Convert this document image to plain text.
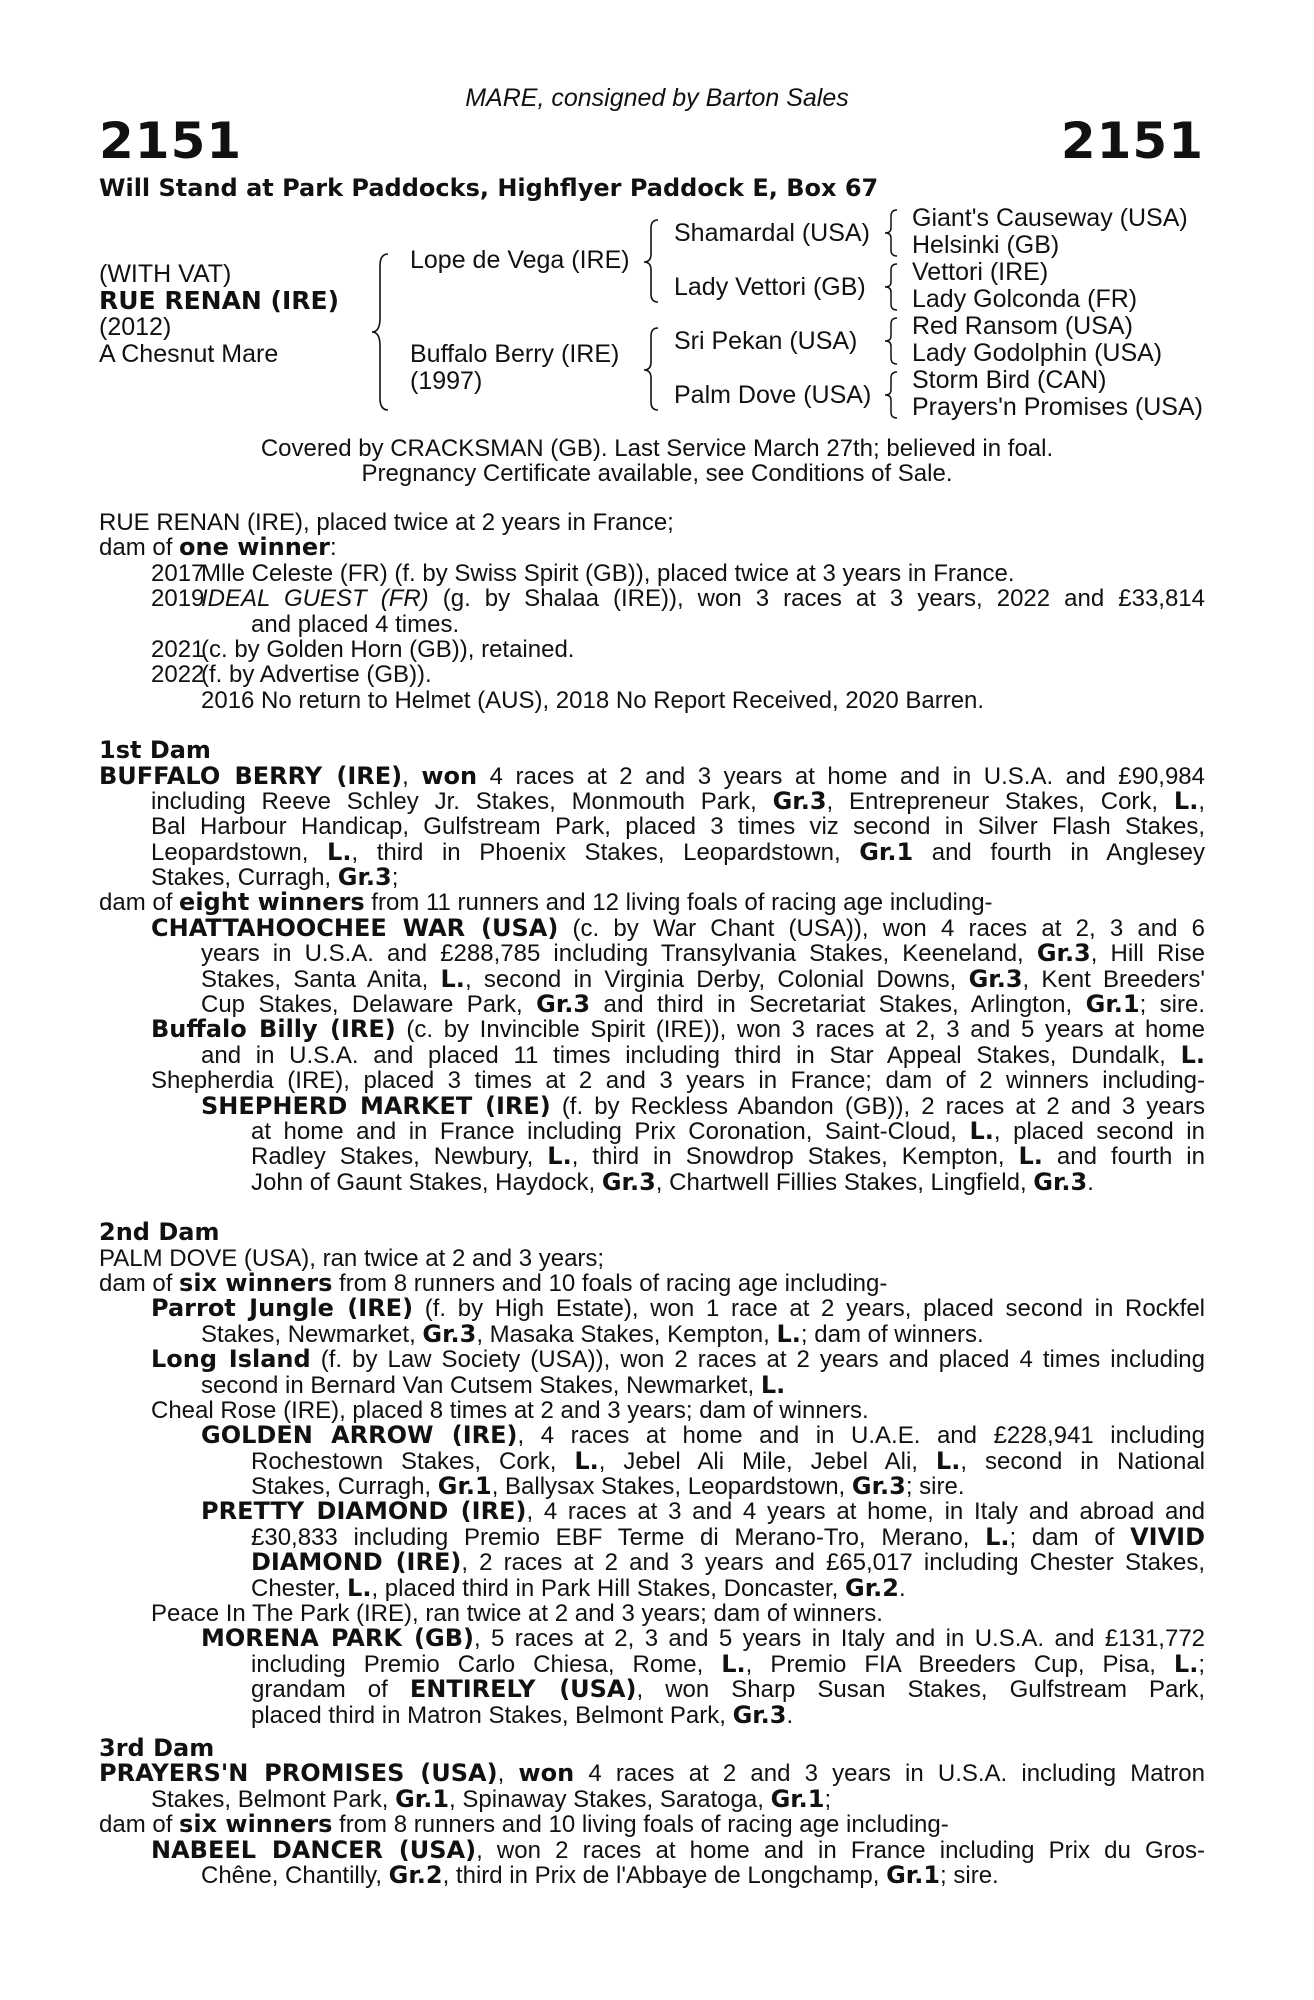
MARE, consigned by Barton Sales
2151	2151
Will Stand at Park Paddocks, Highflyer Paddock E, Box 67
(WITH VAT)
RUE RENAN (IRE)
(2012)
A Chesnut Mare
Lope de Vega (IRE)
Buffalo Berry (IRE)
(1997)
Shamardal (USA)
Lady Vettori (GB)
Sri Pekan (USA)
Palm Dove (USA)
Giant's Causeway (USA)
Helsinki (GB)
Vettori (IRE)
Lady Golconda (FR)
Red Ransom (USA)
Lady Godolphin (USA)
Storm Bird (CAN)
Prayers'n Promises (USA)
Covered by CRACKSMAN (GB). Last Service March 27th; believed in foal.
Pregnancy Certificate available, see Conditions of Sale.
RUE RENAN (IRE), placed twice at 2 years in France;
dam of one winner:
2017
Mlle Celeste (FR) (f. by Swiss Spirit (GB)), placed twice at 3 years in France.
2019
IDEAL GUEST (FR) (g. by Shalaa (IRE)), won 3 races at 3 years, 2022 and £33,814
and placed 4 times.
2021
(c. by Golden Horn (GB)), retained.
2022
(f. by Advertise (GB)).
2016 No return to Helmet (AUS), 2018 No Report Received, 2020 Barren.
1st Dam
BUFFALO BERRY (IRE), won 4 races at 2 and 3 years at home and in U.S.A. and £90,984
including Reeve Schley Jr. Stakes, Monmouth Park, Gr.3, Entrepreneur Stakes, Cork, L.,
Bal Harbour Handicap, Gulfstream Park, placed 3 times viz second in Silver Flash Stakes,
Leopardstown, L., third in Phoenix Stakes, Leopardstown, Gr.1 and fourth in Anglesey
Stakes, Curragh, Gr.3;
dam of eight winners from 11 runners and 12 living foals of racing age including-
CHATTAHOOCHEE WAR (USA) (c. by War Chant (USA)), won 4 races at 2, 3 and 6
years in U.S.A. and £288,785 including Transylvania Stakes, Keeneland, Gr.3, Hill Rise
Stakes, Santa Anita, L., second in Virginia Derby, Colonial Downs, Gr.3, Kent Breeders'
Cup Stakes, Delaware Park, Gr.3 and third in Secretariat Stakes, Arlington, Gr.1; sire.
Buffalo Billy (IRE) (c. by Invincible Spirit (IRE)), won 3 races at 2, 3 and 5 years at home
and in U.S.A. and placed 11 times including third in Star Appeal Stakes, Dundalk, L.
Shepherdia (IRE), placed 3 times at 2 and 3 years in France; dam of 2 winners including-
SHEPHERD MARKET (IRE) (f. by Reckless Abandon (GB)), 2 races at 2 and 3 years
at home and in France including Prix Coronation, Saint-Cloud, L., placed second in
Radley Stakes, Newbury, L., third in Snowdrop Stakes, Kempton, L. and fourth in
John of Gaunt Stakes, Haydock, Gr.3, Chartwell Fillies Stakes, Lingfield, Gr.3.
2nd Dam
PALM DOVE (USA), ran twice at 2 and 3 years;
dam of six winners from 8 runners and 10 foals of racing age including-
Parrot Jungle (IRE) (f. by High Estate), won 1 race at 2 years, placed second in Rockfel
Stakes, Newmarket, Gr.3, Masaka Stakes, Kempton, L.; dam of winners.
Long Island (f. by Law Society (USA)), won 2 races at 2 years and placed 4 times including
second in Bernard Van Cutsem Stakes, Newmarket, L.
Cheal Rose (IRE), placed 8 times at 2 and 3 years; dam of winners.
GOLDEN ARROW (IRE), 4 races at home and in U.A.E. and £228,941 including
Rochestown Stakes, Cork, L., Jebel Ali Mile, Jebel Ali, L., second in National
Stakes, Curragh, Gr.1, Ballysax Stakes, Leopardstown, Gr.3; sire.
PRETTY DIAMOND (IRE), 4 races at 3 and 4 years at home, in Italy and abroad and
£30,833 including Premio EBF Terme di Merano-Tro, Merano, L.; dam of VIVID
DIAMOND (IRE), 2 races at 2 and 3 years and £65,017 including Chester Stakes,
Chester, L., placed third in Park Hill Stakes, Doncaster, Gr.2.
Peace In The Park (IRE), ran twice at 2 and 3 years; dam of winners.
MORENA PARK (GB), 5 races at 2, 3 and 5 years in Italy and in U.S.A. and £131,772
including Premio Carlo Chiesa, Rome, L., Premio FIA Breeders Cup, Pisa, L.;
grandam of ENTIRELY (USA), won Sharp Susan Stakes, Gulfstream Park,
placed third in Matron Stakes, Belmont Park, Gr.3.
3rd Dam
PRAYERS'N PROMISES (USA), won 4 races at 2 and 3 years in U.S.A. including Matron
Stakes, Belmont Park, Gr.1, Spinaway Stakes, Saratoga, Gr.1;
dam of six winners from 8 runners and 10 living foals of racing age including-
NABEEL DANCER (USA), won 2 races at home and in France including Prix du Gros-
Chêne, Chantilly, Gr.2, third in Prix de l'Abbaye de Longchamp, Gr.1; sire.
